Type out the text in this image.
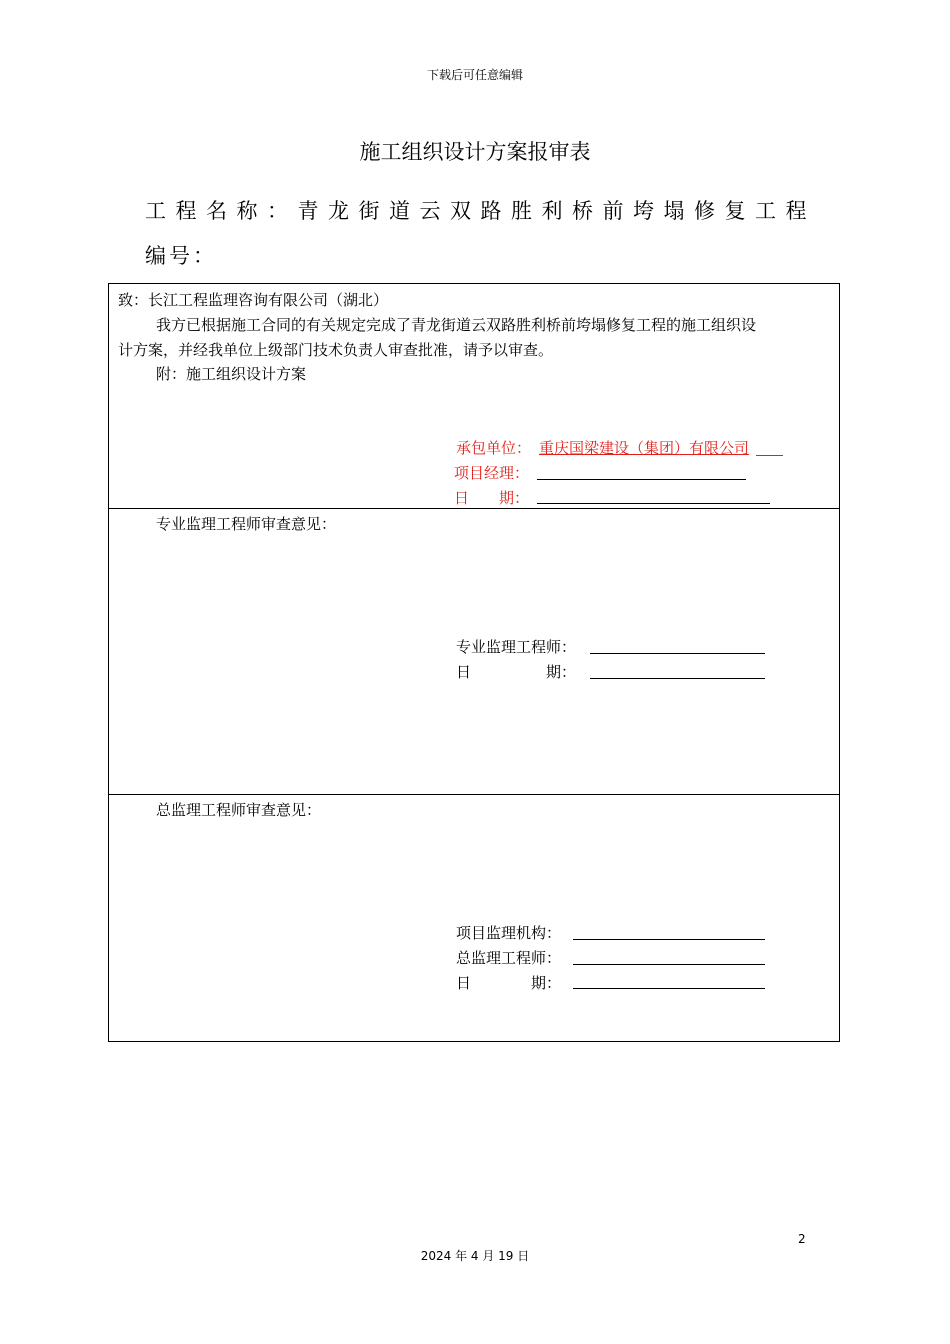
下载后可任意编辑
施工组织设计方案报审表
工程名称：青龙街道云双路胜利桥前垮塌修复工程
编号：
致：长江工程监理咨询有限公司（湖北）
我方已根据施工合同的有关规定完成了青龙街道云双路胜利桥前垮塌修复工程的施工组织设
计方案，并经我单位上级部门技术负责人审查批准，请予以审查。
附：施工组织设计方案
承包单位： 重庆国梁建设（集团）有限公司
项目经理：
日　　期：
专业监理工程师审查意见：
专业监理工程师：
日　　　　　期：
总监理工程师审查意见：
项目监理机构：
总监理工程师：
日　　　　期：
2
2024 年 4 月 19 日
